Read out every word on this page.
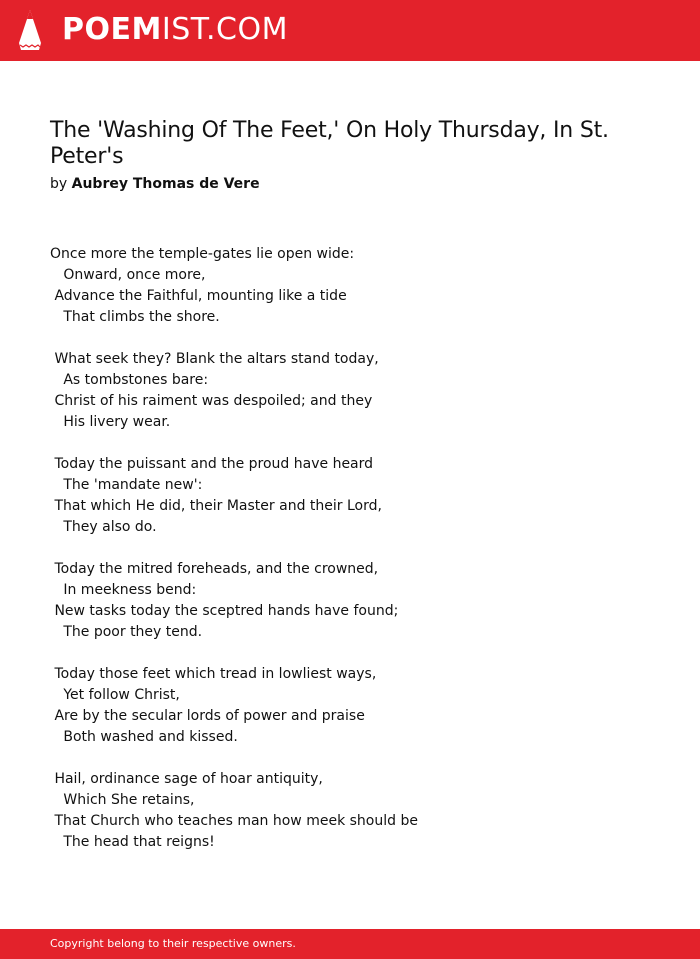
POEMIST.COM
The 'Washing Of The Feet,' On Holy Thursday, In St. Peter's
by Aubrey Thomas de Vere
Once more the temple-gates lie open wide:
Onward, once more,
Advance the Faithful, mounting like a tide
That climbs the shore.
What seek they? Blank the altars stand today,
As tombstones bare:
Christ of his raiment was despoiled; and they
His livery wear.
Today the puissant and the proud have heard
The 'mandate new':
That which He did, their Master and their Lord,
They also do.
Today the mitred foreheads, and the crowned,
In meekness bend:
New tasks today the sceptred hands have found;
The poor they tend.
Today those feet which tread in lowliest ways,
Yet follow Christ,
Are by the secular lords of power and praise
Both washed and kissed.
Hail, ordinance sage of hoar antiquity,
Which She retains,
That Church who teaches man how meek should be
The head that reigns!
Copyright belong to their respective owners.
